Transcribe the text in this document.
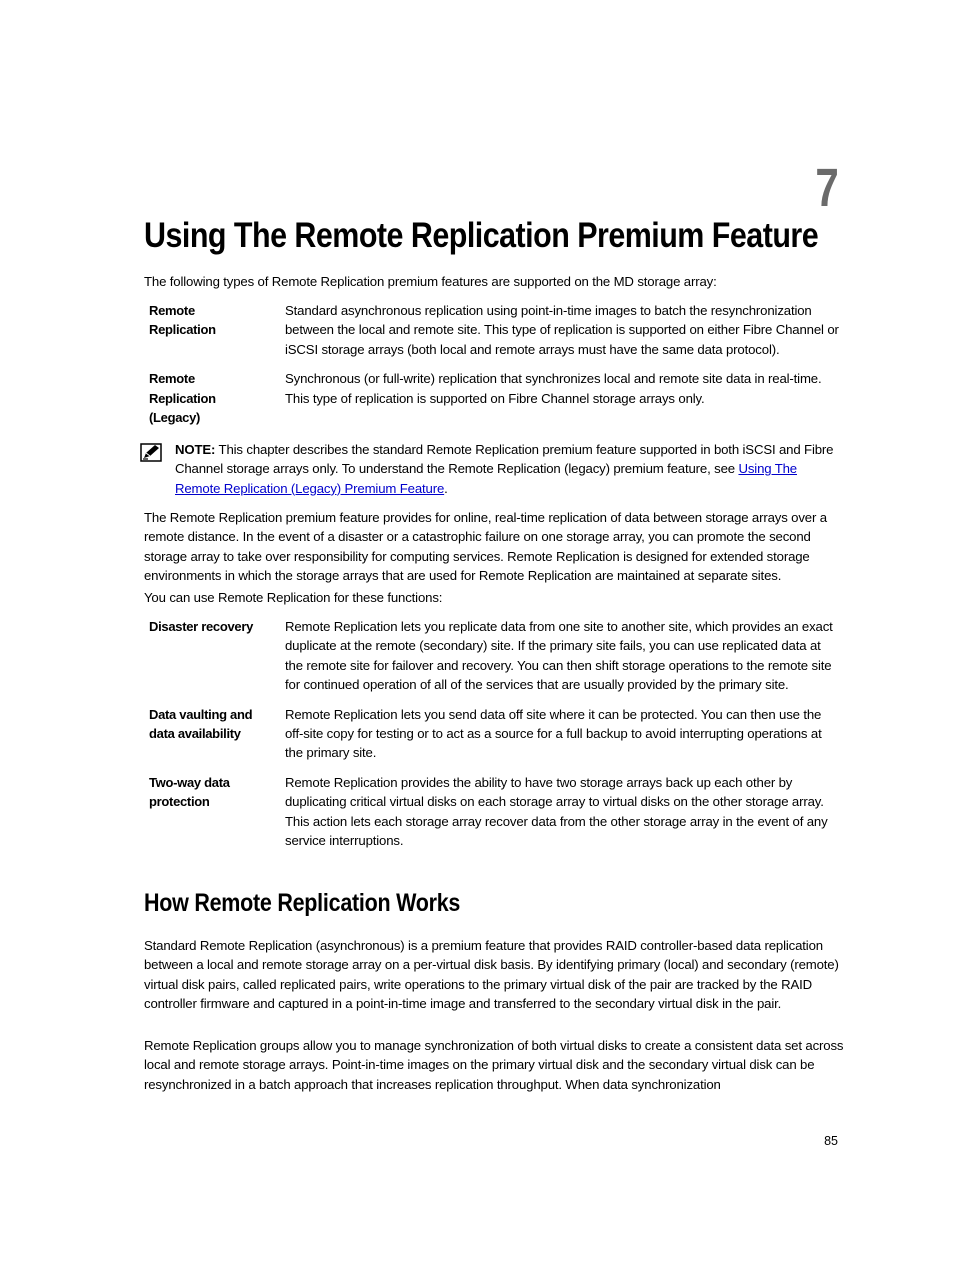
7
Using The Remote Replication Premium Feature

The following types of Remote Replication premium features are supported on the MD storage array:

Remote Replication
Standard asynchronous replication using point-in-time images to batch the resynchronization between the local and remote site. This type of replication is supported on either Fibre Channel or iSCSI storage arrays (both local and remote arrays must have the same data protocol).
Remote Replication (Legacy)
Synchronous (or full-write) replication that synchronizes local and remote site data in real-time. This type of replication is supported on Fibre Channel storage arrays only.
NOTE: This chapter describes the standard Remote Replication premium feature supported in both iSCSI and Fibre Channel storage arrays only. To understand the Remote Replication (legacy) premium feature, see Using The Remote Replication (Legacy) Premium Feature.

The Remote Replication premium feature provides for online, real-time replication of data between storage arrays over a remote distance. In the event of a disaster or a catastrophic failure on one storage array, you can promote the second storage array to take over responsibility for computing services. Remote Replication is designed for extended storage environments in which the storage arrays that are used for Remote Replication are maintained at separate sites.

You can use Remote Replication for these functions:

Disaster recovery	Remote Replication lets you replicate data from one site to another site, which provides an exact duplicate at the remote (secondary) site. If the primary site fails, you can use replicated data at the remote site for failover and recovery. You can then shift storage operations to the remote site for continued operation of all of the services that are usually provided by the primary site.
Data vaulting and data availability
Remote Replication lets you send data off site where it can be protected. You can then use the off-site copy for testing or to act as a source for a full backup to avoid interrupting operations at the primary site.
Two-way data protection
Remote Replication provides the ability to have two storage arrays back up each other by duplicating critical virtual disks on each storage array to virtual disks on the other storage array. This action lets each storage array recover data from the other storage array in the event of any service interruptions.
How Remote Replication Works

Standard Remote Replication (asynchronous) is a premium feature that provides RAID controller-based data replication between a local and remote storage array on a per-virtual disk basis. By identifying primary (local) and secondary (remote) virtual disk pairs, called replicated pairs, write operations to the primary virtual disk of the pair are tracked by the RAID controller firmware and captured in a point-in-time image and transferred to the secondary virtual disk in the pair.

Remote Replication groups allow you to manage synchronization of both virtual disks to create a consistent data set across local and remote storage arrays. Point-in-time images on the primary virtual disk and the secondary virtual disk can be resynchronized in a batch approach that increases replication throughput. When data synchronization

85
